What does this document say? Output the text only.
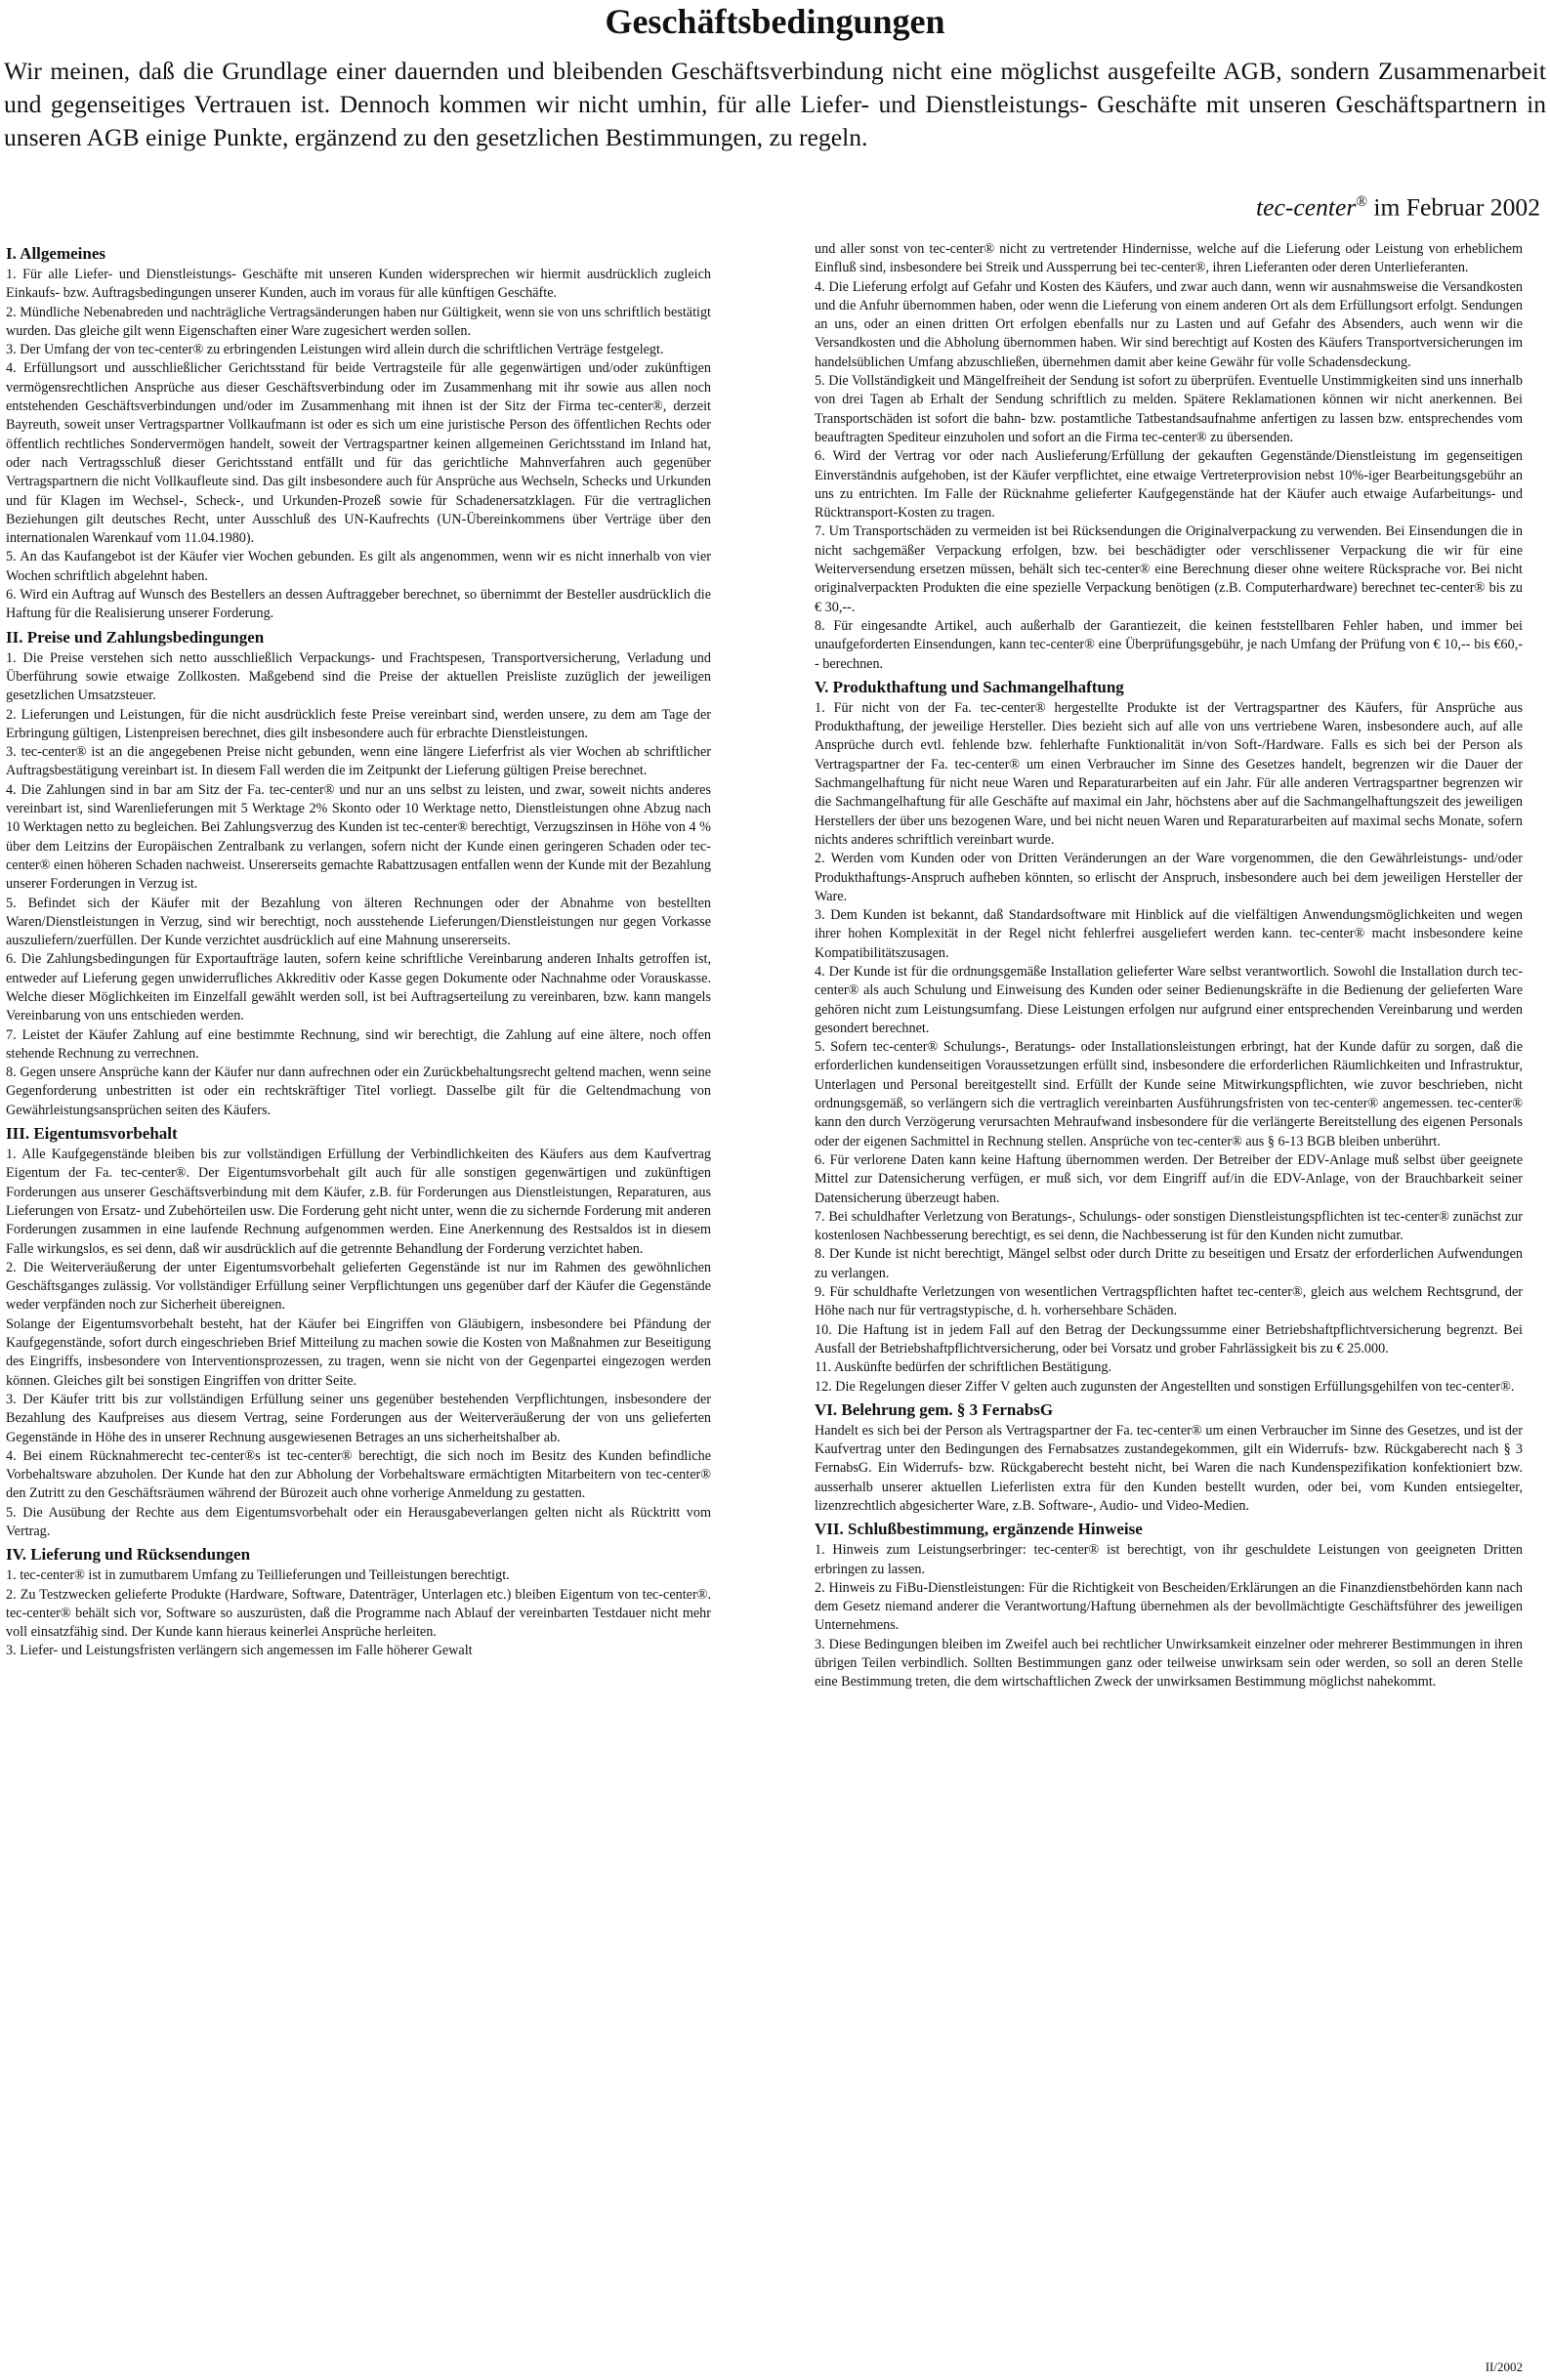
Geschäftsbedingungen

Wir meinen, daß die Grundlage einer dauernden und bleibenden Geschäftsverbindung nicht eine möglichst ausgefeilte AGB, sondern Zusammenarbeit und gegenseitiges Vertrauen ist. Dennoch kommen wir nicht umhin, für alle Liefer- und Dienstleistungs- Geschäfte mit unseren Geschäftspartnern in unseren AGB einige Punkte, ergänzend zu den gesetzlichen Bestimmungen, zu regeln.

tec-center® im Februar 2002
I. Allgemeines

1. Für alle Liefer- und Dienstleistungs- Geschäfte mit unseren Kunden widersprechen wir hiermit ausdrücklich zugleich Einkaufs- bzw. Auftragsbedingungen unserer Kunden, auch im voraus für alle künftigen Geschäfte.

2. Mündliche Nebenabreden und nachträgliche Vertragsänderungen haben nur Gültigkeit, wenn sie von uns schriftlich bestätigt wurden. Das gleiche gilt wenn Eigenschaften einer Ware zugesichert werden sollen.

3. Der Umfang der von tec-center® zu erbringenden Leistungen wird allein durch die schriftlichen Verträge festgelegt.

4. Erfüllungsort und ausschließlicher Gerichtsstand für beide Vertragsteile für alle gegenwärtigen und/oder zukünftigen vermögensrechtlichen Ansprüche aus dieser Geschäftsverbindung oder im Zusammenhang mit ihr sowie aus allen noch entstehenden Geschäftsverbindungen und/oder im Zusammenhang mit ihnen ist der Sitz der Firma tec-center®, derzeit Bayreuth, soweit unser Vertragspartner Vollkaufmann ist oder es sich um eine juristische Person des öffentlichen Rechts oder öffentlich rechtliches Sondervermögen handelt, soweit der Vertragspartner keinen allgemeinen Gerichtsstand im Inland hat, oder nach Vertragsschluß dieser Gerichtsstand entfällt und für das gerichtliche Mahnverfahren auch gegenüber Vertragspartnern die nicht Vollkaufleute sind. Das gilt insbesondere auch für Ansprüche aus Wechseln, Schecks und Urkunden und für Klagen im Wechsel-, Scheck-, und Urkunden-Prozeß sowie für Schadenersatzklagen. Für die vertraglichen Beziehungen gilt deutsches Recht, unter Ausschluß des UN-Kaufrechts (UN-Übereinkommens über Verträge über den internationalen Warenkauf vom 11.04.1980).

5. An das Kaufangebot ist der Käufer vier Wochen gebunden. Es gilt als angenommen, wenn wir es nicht innerhalb von vier Wochen schriftlich abgelehnt haben.

6. Wird ein Auftrag auf Wunsch des Bestellers an dessen Auftraggeber berechnet, so übernimmt der Besteller ausdrücklich die Haftung für die Realisierung unserer Forderung.

II. Preise und Zahlungsbedingungen

1. Die Preise verstehen sich netto ausschließlich Verpackungs- und Frachtspesen, Transportversicherung, Verladung und Überführung sowie etwaige Zollkosten. Maßgebend sind die Preise der aktuellen Preisliste zuzüglich der jeweiligen gesetzlichen Umsatzsteuer.

2. Lieferungen und Leistungen, für die nicht ausdrücklich feste Preise vereinbart sind, werden unsere, zu dem am Tage der Erbringung gültigen, Listenpreisen berechnet, dies gilt insbesondere auch für erbrachte Dienstleistungen.

3. tec-center® ist an die angegebenen Preise nicht gebunden, wenn eine längere Lieferfrist als vier Wochen ab schriftlicher Auftragsbestätigung vereinbart ist. In diesem Fall werden die im Zeitpunkt der Lieferung gültigen Preise berechnet.

4. Die Zahlungen sind in bar am Sitz der Fa. tec-center® und nur an uns selbst zu leisten, und zwar, soweit nichts anderes vereinbart ist, sind Warenlieferungen mit 5 Werktage 2% Skonto oder 10 Werktage netto, Dienstleistungen ohne Abzug nach 10 Werktagen netto zu begleichen. Bei Zahlungsverzug des Kunden ist tec-center® berechtigt, Verzugszinsen in Höhe von 4 % über dem Leitzins der Europäischen Zentralbank zu verlangen, sofern nicht der Kunde einen geringeren Schaden oder tec-center® einen höheren Schaden nachweist. Unsererseits gemachte Rabattzusagen entfallen wenn der Kunde mit der Bezahlung unserer Forderungen in Verzug ist.

5. Befindet sich der Käufer mit der Bezahlung von älteren Rechnungen oder der Abnahme von bestellten Waren/Dienstleistungen in Verzug, sind wir berechtigt, noch ausstehende Lieferungen/Dienstleistungen nur gegen Vorkasse auszuliefern/zuerfüllen. Der Kunde verzichtet ausdrücklich auf eine Mahnung unsererseits.

6. Die Zahlungsbedingungen für Exportaufträge lauten, sofern keine schriftliche Vereinbarung anderen Inhalts getroffen ist, entweder auf Lieferung gegen unwiderrufliches Akkreditiv oder Kasse gegen Dokumente oder Nachnahme oder Vorauskasse. Welche dieser Möglichkeiten im Einzelfall gewählt werden soll, ist bei Auftragserteilung zu vereinbaren, bzw. kann mangels Vereinbarung von uns entschieden werden.

7. Leistet der Käufer Zahlung auf eine bestimmte Rechnung, sind wir berechtigt, die Zahlung auf eine ältere, noch offen stehende Rechnung zu verrechnen.

8. Gegen unsere Ansprüche kann der Käufer nur dann aufrechnen oder ein Zurückbehaltungsrecht geltend machen, wenn seine Gegenforderung unbestritten ist oder ein rechtskräftiger Titel vorliegt. Dasselbe gilt für die Geltendmachung von Gewährleistungsansprüchen seiten des Käufers.

III. Eigentumsvorbehalt

1. Alle Kaufgegenstände bleiben bis zur vollständigen Erfüllung der Verbindlichkeiten des Käufers aus dem Kaufvertrag Eigentum der Fa. tec-center®. Der Eigentumsvorbehalt gilt auch für alle sonstigen gegenwärtigen und zukünftigen Forderungen aus unserer Geschäftsverbindung mit dem Käufer, z.B. für Forderungen aus Dienstleistungen, Reparaturen, aus Lieferungen von Ersatz- und Zubehörteilen usw. Die Forderung geht nicht unter, wenn die zu sichernde Forderung mit anderen Forderungen zusammen in eine laufende Rechnung aufgenommen werden. Eine Anerkennung des Restsaldos ist in diesem Falle wirkungslos, es sei denn, daß wir ausdrücklich auf die getrennte Behandlung der Forderung verzichtet haben.

2. Die Weiterveräußerung der unter Eigentumsvorbehalt gelieferten Gegenstände ist nur im Rahmen des gewöhnlichen Geschäftsganges zulässig. Vor vollständiger Erfüllung seiner Verpflichtungen uns gegenüber darf der Käufer die Gegenstände weder verpfänden noch zur Sicherheit übereignen.

Solange der Eigentumsvorbehalt besteht, hat der Käufer bei Eingriffen von Gläubigern, insbesondere bei Pfändung der Kaufgegenstände, sofort durch eingeschrieben Brief Mitteilung zu machen sowie die Kosten von Maßnahmen zur Beseitigung des Eingriffs, insbesondere von Interventionsprozessen, zu tragen, wenn sie nicht von der Gegenpartei eingezogen werden können. Gleiches gilt bei sonstigen Eingriffen von dritter Seite.

3. Der Käufer tritt bis zur vollständigen Erfüllung seiner uns gegenüber bestehenden Verpflichtungen, insbesondere der Bezahlung des Kaufpreises aus diesem Vertrag, seine Forderungen aus der Weiterveräußerung der von uns gelieferten Gegenstände in Höhe des in unserer Rechnung ausgewiesenen Betrages an uns sicherheitshalber ab.

4. Bei einem Rücknahmerecht tec-center®s ist tec-center® berechtigt, die sich noch im Besitz des Kunden befindliche Vorbehaltsware abzuholen. Der Kunde hat den zur Abholung der Vorbehaltsware ermächtigten Mitarbeitern von tec-center® den Zutritt zu den Geschäftsräumen während der Bürozeit auch ohne vorherige Anmeldung zu gestatten.

5. Die Ausübung der Rechte aus dem Eigentumsvorbehalt oder ein Herausgabeverlangen gelten nicht als Rücktritt vom Vertrag.

IV. Lieferung und Rücksendungen

1. tec-center® ist in zumutbarem Umfang zu Teillieferungen und Teilleistungen berechtigt.

2. Zu Testzwecken gelieferte Produkte (Hardware, Software, Datenträger, Unterlagen etc.) bleiben Eigentum von tec-center®. tec-center® behält sich vor, Software so auszurüsten, daß die Programme nach Ablauf der vereinbarten Testdauer nicht mehr voll einsatzfähig sind. Der Kunde kann hieraus keinerlei Ansprüche herleiten.

3. Liefer- und Leistungsfristen verlängern sich angemessen im Falle höherer Gewalt

und aller sonst von tec-center® nicht zu vertretender Hindernisse, welche auf die Lieferung oder Leistung von erheblichem Einfluß sind, insbesondere bei Streik und Aussperrung bei tec-center®, ihren Lieferanten oder deren Unterlieferanten.

4. Die Lieferung erfolgt auf Gefahr und Kosten des Käufers, und zwar auch dann, wenn wir ausnahmsweise die Versandkosten und die Anfuhr übernommen haben, oder wenn die Lieferung von einem anderen Ort als dem Erfüllungsort erfolgt. Sendungen an uns, oder an einen dritten Ort erfolgen ebenfalls nur zu Lasten und auf Gefahr des Absenders, auch wenn wir die Versandkosten und die Abholung übernommen haben. Wir sind berechtigt auf Kosten des Käufers Transportversicherungen im handelsüblichen Umfang abzuschließen, übernehmen damit aber keine Gewähr für volle Schadensdeckung.

5. Die Vollständigkeit und Mängelfreiheit der Sendung ist sofort zu überprüfen. Eventuelle Unstimmigkeiten sind uns innerhalb von drei Tagen ab Erhalt der Sendung schriftlich zu melden. Spätere Reklamationen können wir nicht anerkennen. Bei Transportschäden ist sofort die bahn- bzw. postamtliche Tatbestandsaufnahme anfertigen zu lassen bzw. entsprechendes vom beauftragten Spediteur einzuholen und sofort an die Firma tec-center® zu übersenden.

6. Wird der Vertrag vor oder nach Auslieferung/Erfüllung der gekauften Gegenstände/Dienstleistung im gegenseitigen Einverständnis aufgehoben, ist der Käufer verpflichtet, eine etwaige Vertreterprovision nebst 10%-iger Bearbeitungsgebühr an uns zu entrichten. Im Falle der Rücknahme gelieferter Kaufgegenstände hat der Käufer auch etwaige Aufarbeitungs- und Rücktransport-Kosten zu tragen.

7. Um Transportschäden zu vermeiden ist bei Rücksendungen die Originalverpackung zu verwenden. Bei Einsendungen die in nicht sachgemäßer Verpackung erfolgen, bzw. bei beschädigter oder verschlissener Verpackung die wir für eine Weiterversendung ersetzen müssen, behält sich tec-center® eine Berechnung dieser ohne weitere Rücksprache vor. Bei nicht originalverpackten Produkten die eine spezielle Verpackung benötigen (z.B. Computerhardware) berechnet tec-center® bis zu € 30,--.

8. Für eingesandte Artikel, auch außerhalb der Garantiezeit, die keinen feststellbaren Fehler haben, und immer bei unaufgeforderten Einsendungen, kann tec-center® eine Überprüfungsgebühr, je nach Umfang der Prüfung von € 10,-- bis €60,-- berechnen.

V. Produkthaftung und Sachmangelhaftung

1. Für nicht von der Fa. tec-center® hergestellte Produkte ist der Vertragspartner des Käufers, für Ansprüche aus Produkthaftung, der jeweilige Hersteller. Dies bezieht sich auf alle von uns vertriebene Waren, insbesondere auch, auf alle Ansprüche durch evtl. fehlende bzw. fehlerhafte Funktionalität in/von Soft-/Hardware. Falls es sich bei der Person als Vertragspartner der Fa. tec-center® um einen Verbraucher im Sinne des Gesetzes handelt, begrenzen wir die Dauer der Sachmangelhaftung für nicht neue Waren und Reparaturarbeiten auf ein Jahr. Für alle anderen Vertragspartner begrenzen wir die Sachmangelhaftung für alle Geschäfte auf maximal ein Jahr, höchstens aber auf die Sachmangelhaftungszeit des jeweiligen Herstellers der über uns bezogenen Ware, und bei nicht neuen Waren und Reparaturarbeiten auf maximal sechs Monate, sofern nichts anderes schriftlich vereinbart wurde.

2. Werden vom Kunden oder von Dritten Veränderungen an der Ware vorgenommen, die den Gewährleistungs- und/oder Produkthaftungs-Anspruch aufheben könnten, so erlischt der Anspruch, insbesondere auch bei dem jeweiligen Hersteller der Ware.

3. Dem Kunden ist bekannt, daß Standardsoftware mit Hinblick auf die vielfältigen Anwendungsmöglichkeiten und wegen ihrer hohen Komplexität in der Regel nicht fehlerfrei ausgeliefert werden kann. tec-center® macht insbesondere keine Kompatibilitätszusagen.

4. Der Kunde ist für die ordnungsgemäße Installation gelieferter Ware selbst verantwortlich. Sowohl die Installation durch tec-center® als auch Schulung und Einweisung des Kunden oder seiner Bedienungskräfte in die Bedienung der gelieferten Ware gehören nicht zum Leistungsumfang. Diese Leistungen erfolgen nur aufgrund einer entsprechenden Vereinbarung und werden gesondert berechnet.

5. Sofern tec-center® Schulungs-, Beratungs- oder Installationsleistungen erbringt, hat der Kunde dafür zu sorgen, daß die erforderlichen kundenseitigen Voraussetzungen erfüllt sind, insbesondere die erforderlichen Räumlichkeiten und Infrastruktur, Unterlagen und Personal bereitgestellt sind. Erfüllt der Kunde seine Mitwirkungspflichten, wie zuvor beschrieben, nicht ordnungsgemäß, so verlängern sich die vertraglich vereinbarten Ausführungsfristen von tec-center® angemessen. tec-center® kann den durch Verzögerung verursachten Mehraufwand insbesondere für die verlängerte Bereitstellung des eigenen Personals oder der eigenen Sachmittel in Rechnung stellen. Ansprüche von tec-center® aus § 6-13 BGB bleiben unberührt.

6. Für verlorene Daten kann keine Haftung übernommen werden. Der Betreiber der EDV-Anlage muß selbst über geeignete Mittel zur Datensicherung verfügen, er muß sich, vor dem Eingriff auf/in die EDV-Anlage, von der Brauchbarkeit seiner Datensicherung überzeugt haben.

7. Bei schuldhafter Verletzung von Beratungs-, Schulungs- oder sonstigen Dienstleistungspflichten ist tec-center® zunächst zur kostenlosen Nachbesserung berechtigt, es sei denn, die Nachbesserung ist für den Kunden nicht zumutbar.

8. Der Kunde ist nicht berechtigt, Mängel selbst oder durch Dritte zu beseitigen und Ersatz der erforderlichen Aufwendungen zu verlangen.

9. Für schuldhafte Verletzungen von wesentlichen Vertragspflichten haftet tec-center®, gleich aus welchem Rechtsgrund, der Höhe nach nur für vertragstypische, d. h. vorhersehbare Schäden.

10. Die Haftung ist in jedem Fall auf den Betrag der Deckungssumme einer Betriebshaftpflichtversicherung begrenzt. Bei Ausfall der Betriebshaftpflichtversicherung, oder bei Vorsatz und grober Fahrlässigkeit bis zu € 25.000.

11. Auskünfte bedürfen der schriftlichen Bestätigung.

12. Die Regelungen dieser Ziffer V gelten auch zugunsten der Angestellten und sonstigen Erfüllungsgehilfen von tec-center®.

VI. Belehrung gem. § 3 FernabsG

Handelt es sich bei der Person als Vertragspartner der Fa. tec-center® um einen Verbraucher im Sinne des Gesetzes, und ist der Kaufvertrag unter den Bedingungen des Fernabsatzes zustandegekommen, gilt ein Widerrufs- bzw. Rückgaberecht nach § 3 FernabsG. Ein Widerrufs- bzw. Rückgaberecht besteht nicht, bei Waren die nach Kundenspezifikation konfektioniert bzw. ausserhalb unserer aktuellen Lieferlisten extra für den Kunden bestellt wurden, oder bei, vom Kunden entsiegelter, lizenzrechtlich abgesicherter Ware, z.B. Software-, Audio- und Video-Medien.

VII. Schlußbestimmung, ergänzende Hinweise

1. Hinweis zum Leistungserbringer: tec-center® ist berechtigt, von ihr geschuldete Leistungen von geeigneten Dritten erbringen zu lassen.

2. Hinweis zu FiBu-Dienstleistungen: Für die Richtigkeit von Bescheiden/Erklärungen an die Finanzdienstbehörden kann nach dem Gesetz niemand anderer die Verantwortung/Haftung übernehmen als der bevollmächtigte Geschäftsführer des jeweiligen Unternehmens.

3. Diese Bedingungen bleiben im Zweifel auch bei rechtlicher Unwirksamkeit einzelner oder mehrerer Bestimmungen in ihren übrigen Teilen verbindlich. Sollten Bestimmungen ganz oder teilweise unwirksam sein oder werden, so soll an deren Stelle eine Bestimmung treten, die dem wirtschaftlichen Zweck der unwirksamen Bestimmung möglichst nahekommt.

II/2002
